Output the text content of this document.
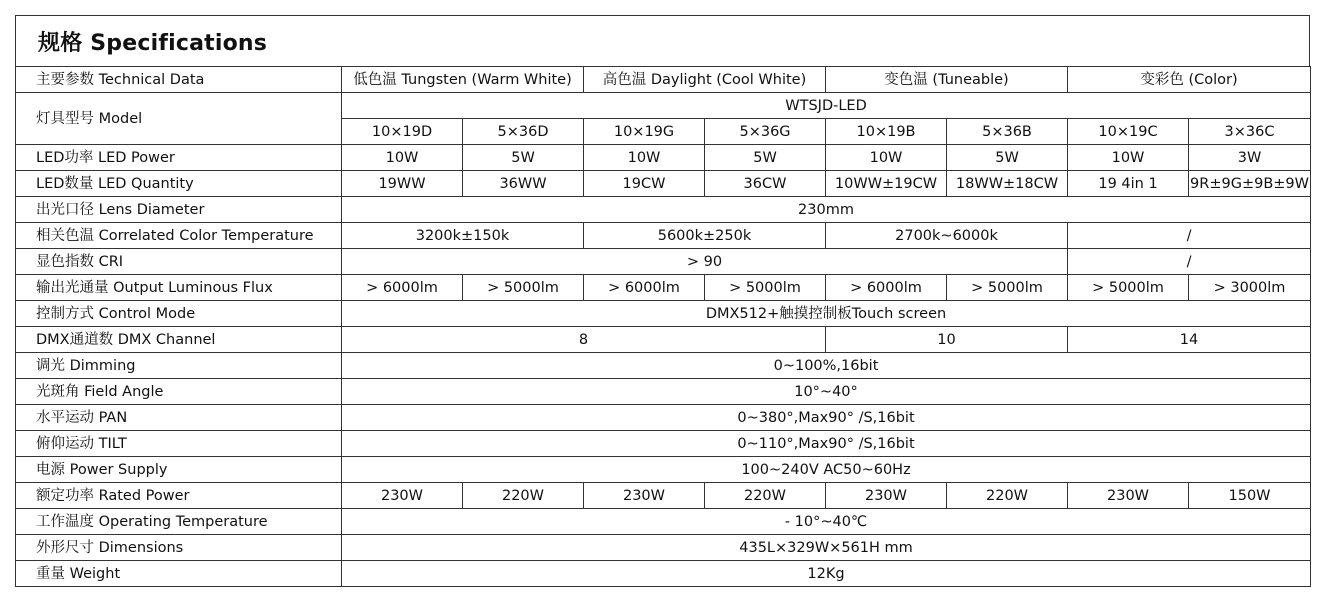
规格 Specifications
主要参数 Technical Data	低色温 Tungsten (Warm White)		高色温 Daylight (Cool White)		变色温 (Tuneable)		变彩色 (Color)	
灯具型号 Model	WTSJD-LED							
	10×19D	5×36D	10×19G	5×36G	10×19B	5×36B	10×19C	3×36C
LED功率 LED Power	10W	5W	10W	5W	10W	5W	10W	3W
LED数量 LED Quantity	19WW	36WW	19CW	36CW	10WW±19CW	18WW±18CW	19 4in 1	9R±9G±9B±9W
出光口径 Lens Diameter	230mm							
相关色温 Correlated Color Temperature	3200k±150k		5600k±250k		2700k~6000k		/	
显色指数 CRI	> 90						/	
输出光通量 Output Luminous Flux	> 6000lm	> 5000lm	> 6000lm	> 5000lm	> 6000lm	> 5000lm	> 5000lm	> 3000lm
控制方式 Control Mode	DMX512+触摸控制板Touch screen							
DMX通道数 DMX Channel	8				10		14	
调光 Dimming	0~100%,16bit							
光斑角 Field Angle	10°~40°							
水平运动 PAN	0~380°,Max90° /S,16bit							
俯仰运动 TILT	0~110°,Max90° /S,16bit							
电源 Power Supply	100~240V AC50~60Hz							
额定功率 Rated Power	230W	220W	230W	220W	230W	220W	230W	150W
工作温度 Operating Temperature	- 10°~40℃							
外形尺寸 Dimensions	435L×329W×561H mm							
重量 Weight	12Kg							
